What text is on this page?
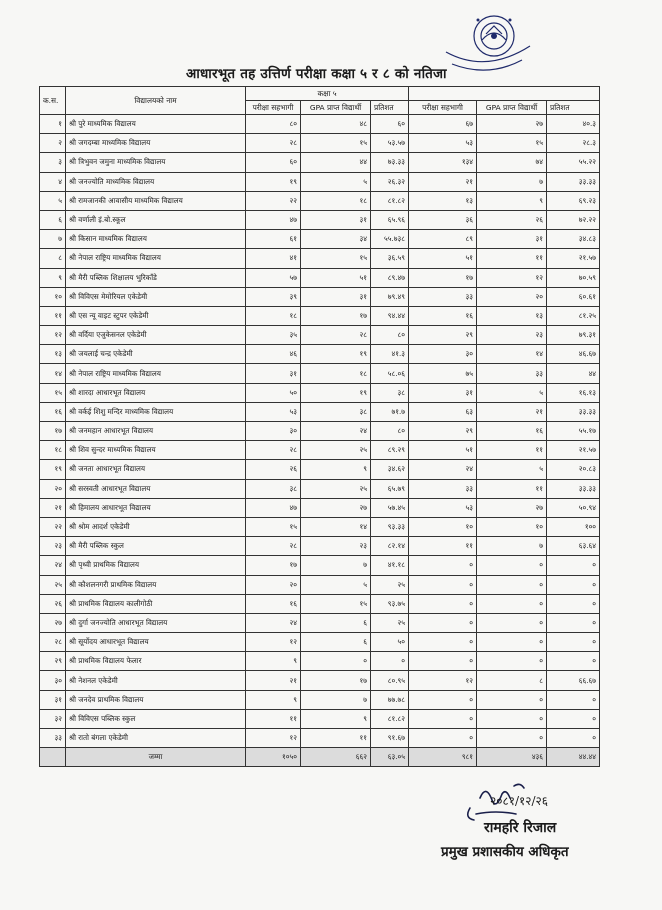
आधारभूत तह उत्तिर्ण परीक्षा कक्षा ५ र ८ को नतिजा
क.स.	विद्यालयको नाम	कक्षा ५					
		परीक्षा सहभागी	GPA प्राप्त विद्यार्थी	प्रतिशत	परीक्षा सहभागी	GPA प्राप्त विद्यार्थी	प्रतिशत
१	श्री पुरे माध्यमिक विद्यालय	८०	४८	६०	६७	२७	४०.३
२	श्री जगदम्बा माध्यमिक विद्यालय	२८	१५	५३.५७	५३	१५	२८.३
३	श्री त्रिभुवन जमुना माध्यमिक विद्यालय	६०	४४	७३.३३	१३४	७४	५५.२२
४	श्री जनज्योति माध्यमिक विद्यालय	१९	५	२६.३२	२१	७	३३.३३
५	श्री रामजानकी आवासीय माध्यमिक विद्यालय	२२	१८	८१.८२	१३	९	६९.२३
६	श्री वर्णाली इं.बो.स्कूल	४७	३१	६५.९६	३६	२६	७२.२२
७	श्री किसान माध्यमिक विद्यालय	६१	३४	५५.७३८	८९	३१	३४.८३
८	श्री नेपाल राष्ट्रिय माध्यमिक विद्यालय	४१	१५	३६.५९	५१	११	२१.५७
९	श्री मैरी पब्लिक शिक्षालय भुरिकाँडे	५७	५१	८९.४७	१७	१२	७०.५९
१०	श्री विविएस मेमोरियल एकेडेमी	३९	३१	७९.४९	३३	२०	६०.६१
११	श्री एस न्यू वाइट स्टुपर एकेडेमी	१८	१७	९४.४४	१६	१३	८१.२५
१२	श्री वर्दिया एजुकेसनल एकेडेमी	३५	२८	८०	२९	२३	७९.३१
१३	श्री जयलाई चन्द्र एकेडेमी	४६	१९	४१.३	३०	१४	४६.६७
१४	श्री नेपाल राष्ट्रिय माध्यमिक विद्यालय	३१	१८	५८.०६	७५	३३	४४
१५	श्री शारदा आधारभूत विद्यालय	५०	१९	३८	३१	५	१६.१३
१६	श्री वर्कई शिशु मन्दिर माध्यमिक विद्यालय	५३	३८	७१.७	६३	२१	३३.३३
१७	श्री जनमहान आधारभूत विद्यालय	३०	२४	८०	२९	१६	५५.१७
१८	श्री शिव सुन्दर माध्यमिक विद्यालय	२८	२५	८९.२९	५१	११	२१.५७
१९	श्री जनता आधारभूत विद्यालय	२६	९	३४.६२	२४	५	२०.८३
२०	श्री सरस्वती आधारभूत विद्यालय	३८	२५	६५.७९	३३	११	३३.३३
२१	श्री हिमालय आधारभूत विद्यालय	४७	२७	५७.४५	५३	२७	५०.९४
२२	श्री श्रोम आदर्श एकेडेमी	१५	१४	९३.३३	१०	१०	१००
२३	श्री मैरी पब्लिक स्कुल	२८	२३	८२.१४	११	७	६३.६४
२४	श्री पृथ्वी प्राथमिक विद्यालय	१७	७	४१.१८	०	०	०
२५	श्री कौशलनगरी प्राथमिक विद्यालय	२०	५	२५	०	०	०
२६	श्री प्राथमिक विद्यालय कालीगोठी	१६	१५	९३.७५	०	०	०
२७	श्री दुर्गा जनज्योति आधारभूत विद्यालय	२४	६	२५	०	०	०
२८	श्री सूर्योदय आधारभूत विद्यालय	१२	६	५०	०	०	०
२९	श्री प्राथमिक विद्यालय फेलार	९	०	०	०	०	०
३०	श्री नेशनल एकेडेमी	२१	१७	८०.९५	१२	८	६६.६७
३१	श्री जनदेव प्राथमिक विद्यालय	९	७	७७.७८	०	०	०
३२	श्री विविएस पब्लिक स्कुल	११	९	८१.८२	०	०	०
३३	श्री रातो बंगला एकेडेमी	१२	११	९१.६७	०	०	०
	जम्मा	१०५०	६६२	६३.०५	९८१	४३६	४४.४४
२०८१/१२/२६
रामहरि रिजाल
प्रमुख प्रशासकीय अधिकृत
